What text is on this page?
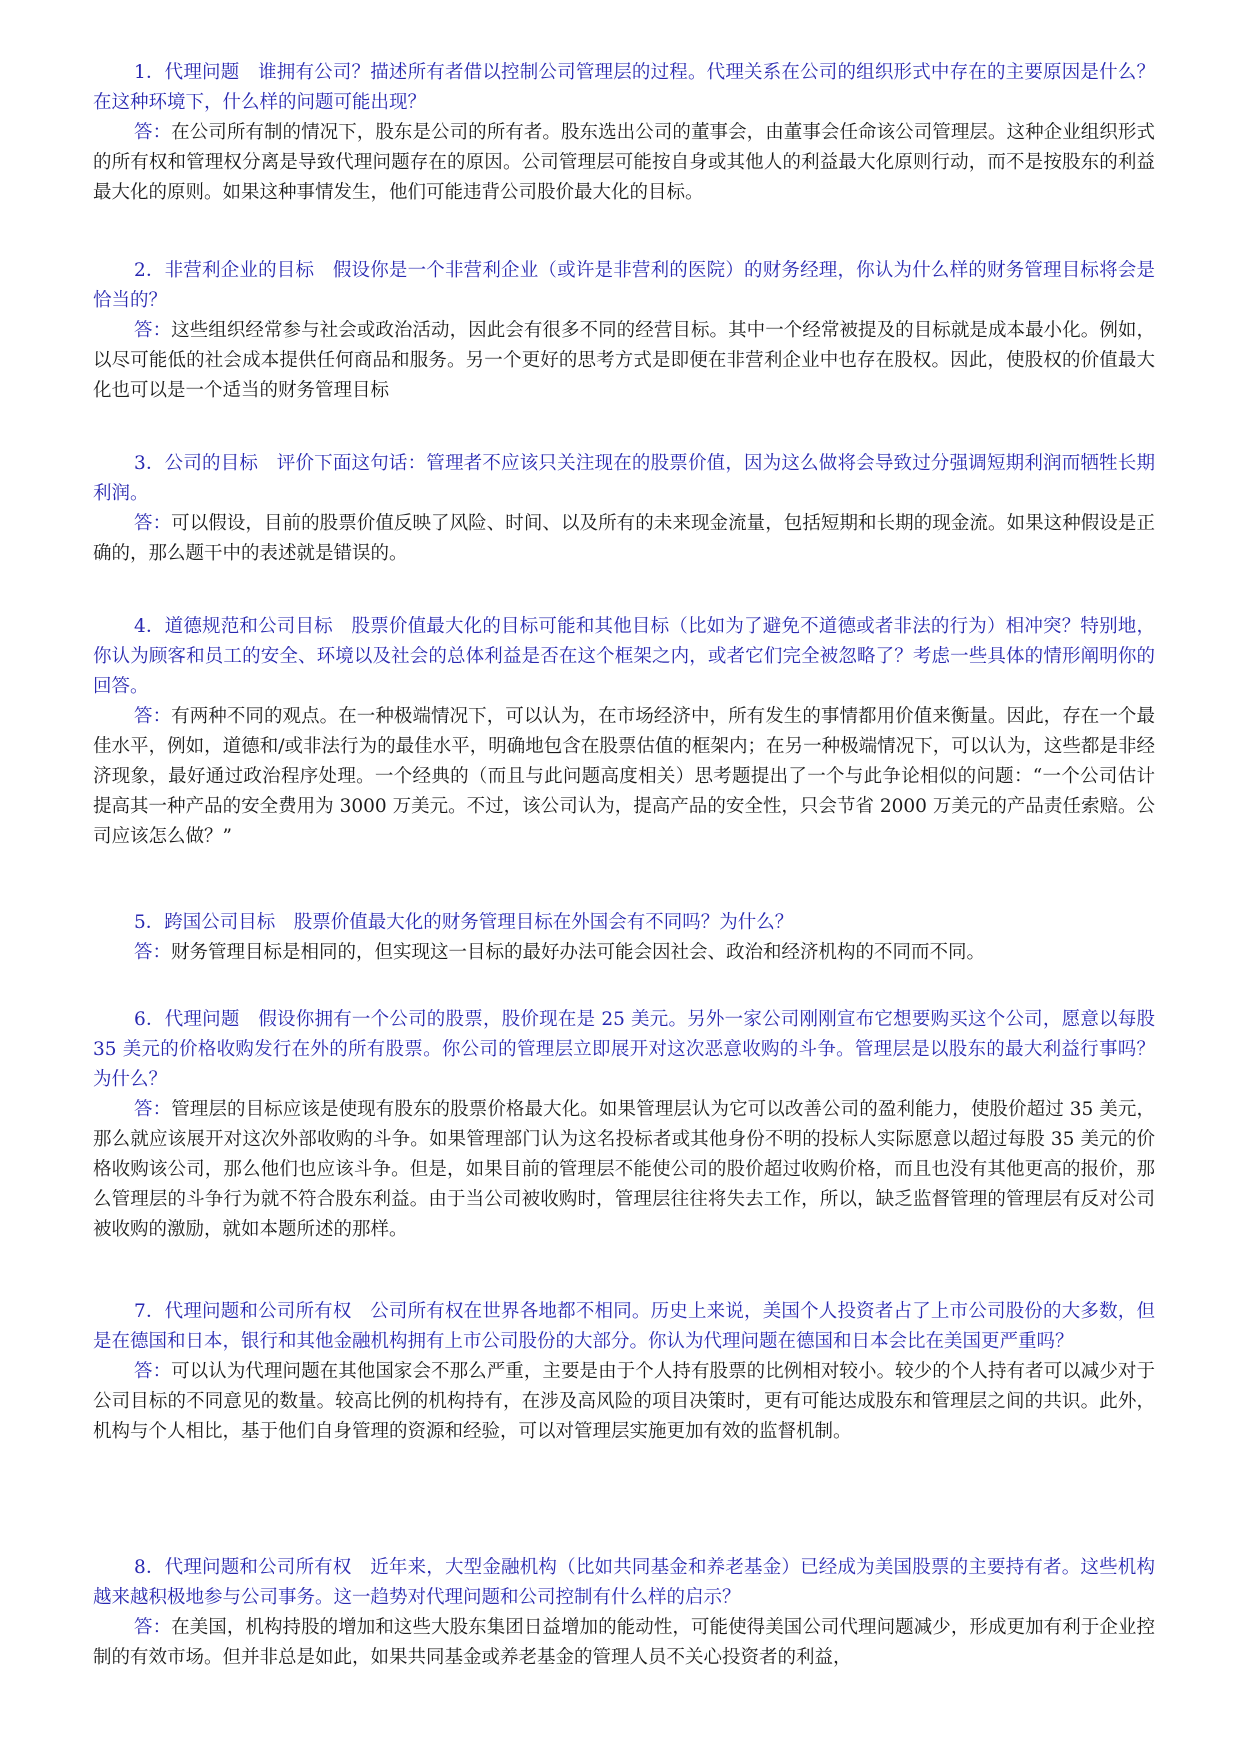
1．代理问题　谁拥有公司？描述所有者借以控制公司管理层的过程。代理关系在公司的组织形式中存在的主要原因是什么？在这种环境下，什么样的问题可能出现？

答：在公司所有制的情况下，股东是公司的所有者。股东选出公司的董事会，由董事会任命该公司管理层。这种企业组织形式的所有权和管理权分离是导致代理问题存在的原因。公司管理层可能按自身或其他人的利益最大化原则行动，而不是按股东的利益最大化的原则。如果这种事情发生，他们可能违背公司股价最大化的目标。

2．非营利企业的目标　假设你是一个非营利企业（或许是非营利的医院）的财务经理，你认为什么样的财务管理目标将会是恰当的？

答：这些组织经常参与社会或政治活动，因此会有很多不同的经营目标。其中一个经常被提及的目标就是成本最小化。例如，以尽可能低的社会成本提供任何商品和服务。另一个更好的思考方式是即便在非营利企业中也存在股权。因此，使股权的价值最大化也可以是一个适当的财务管理目标

3．公司的目标　评价下面这句话：管理者不应该只关注现在的股票价值，因为这么做将会导致过分强调短期利润而牺牲长期利润。

答：可以假设，目前的股票价值反映了风险、时间、以及所有的未来现金流量，包括短期和长期的现金流。如果这种假设是正确的，那么题干中的表述就是错误的。

4．道德规范和公司目标　股票价值最大化的目标可能和其他目标（比如为了避免不道德或者非法的行为）相冲突？特别地，你认为顾客和员工的安全、环境以及社会的总体利益是否在这个框架之内，或者它们完全被忽略了？考虑一些具体的情形阐明你的回答。

答：有两种不同的观点。在一种极端情况下，可以认为，在市场经济中，所有发生的事情都用价值来衡量。因此，存在一个最佳水平，例如，道德和/或非法行为的最佳水平，明确地包含在股票估值的框架内；在另一种极端情况下，可以认为，这些都是非经济现象，最好通过政治程序处理。一个经典的（而且与此问题高度相关）思考题提出了一个与此争论相似的问题：“一个公司估计提高其一种产品的安全费用为 3000 万美元。不过，该公司认为，提高产品的安全性，只会节省 2000 万美元的产品责任索赔。公司应该怎么做？”

5．跨国公司目标　股票价值最大化的财务管理目标在外国会有不同吗？为什么？

答：财务管理目标是相同的，但实现这一目标的最好办法可能会因社会、政治和经济机构的不同而不同。

6．代理问题　假设你拥有一个公司的股票，股价现在是 25 美元。另外一家公司刚刚宣布它想要购买这个公司，愿意以每股 35 美元的价格收购发行在外的所有股票。你公司的管理层立即展开对这次恶意收购的斗争。管理层是以股东的最大利益行事吗？为什么？

答：管理层的目标应该是使现有股东的股票价格最大化。如果管理层认为它可以改善公司的盈利能力，使股价超过 35 美元，那么就应该展开对这次外部收购的斗争。如果管理部门认为这名投标者或其他身份不明的投标人实际愿意以超过每股 35 美元的价格收购该公司，那么他们也应该斗争。但是，如果目前的管理层不能使公司的股价超过收购价格，而且也没有其他更高的报价，那么管理层的斗争行为就不符合股东利益。由于当公司被收购时，管理层往往将失去工作，所以，缺乏监督管理的管理层有反对公司被收购的激励，就如本题所述的那样。

7．代理问题和公司所有权　公司所有权在世界各地都不相同。历史上来说，美国个人投资者占了上市公司股份的大多数，但是在德国和日本，银行和其他金融机构拥有上市公司股份的大部分。你认为代理问题在德国和日本会比在美国更严重吗？

答：可以认为代理问题在其他国家会不那么严重，主要是由于个人持有股票的比例相对较小。较少的个人持有者可以减少对于公司目标的不同意见的数量。较高比例的机构持有，在涉及高风险的项目决策时，更有可能达成股东和管理层之间的共识。此外，机构与个人相比，基于他们自身管理的资源和经验，可以对管理层实施更加有效的监督机制。

8．代理问题和公司所有权　近年来，大型金融机构（比如共同基金和养老基金）已经成为美国股票的主要持有者。这些机构越来越积极地参与公司事务。这一趋势对代理问题和公司控制有什么样的启示？

答：在美国，机构持股的增加和这些大股东集团日益增加的能动性，可能使得美国公司代理问题减少，形成更加有利于企业控制的有效市场。但并非总是如此，如果共同基金或养老基金的管理人员不关心投资者的利益，
